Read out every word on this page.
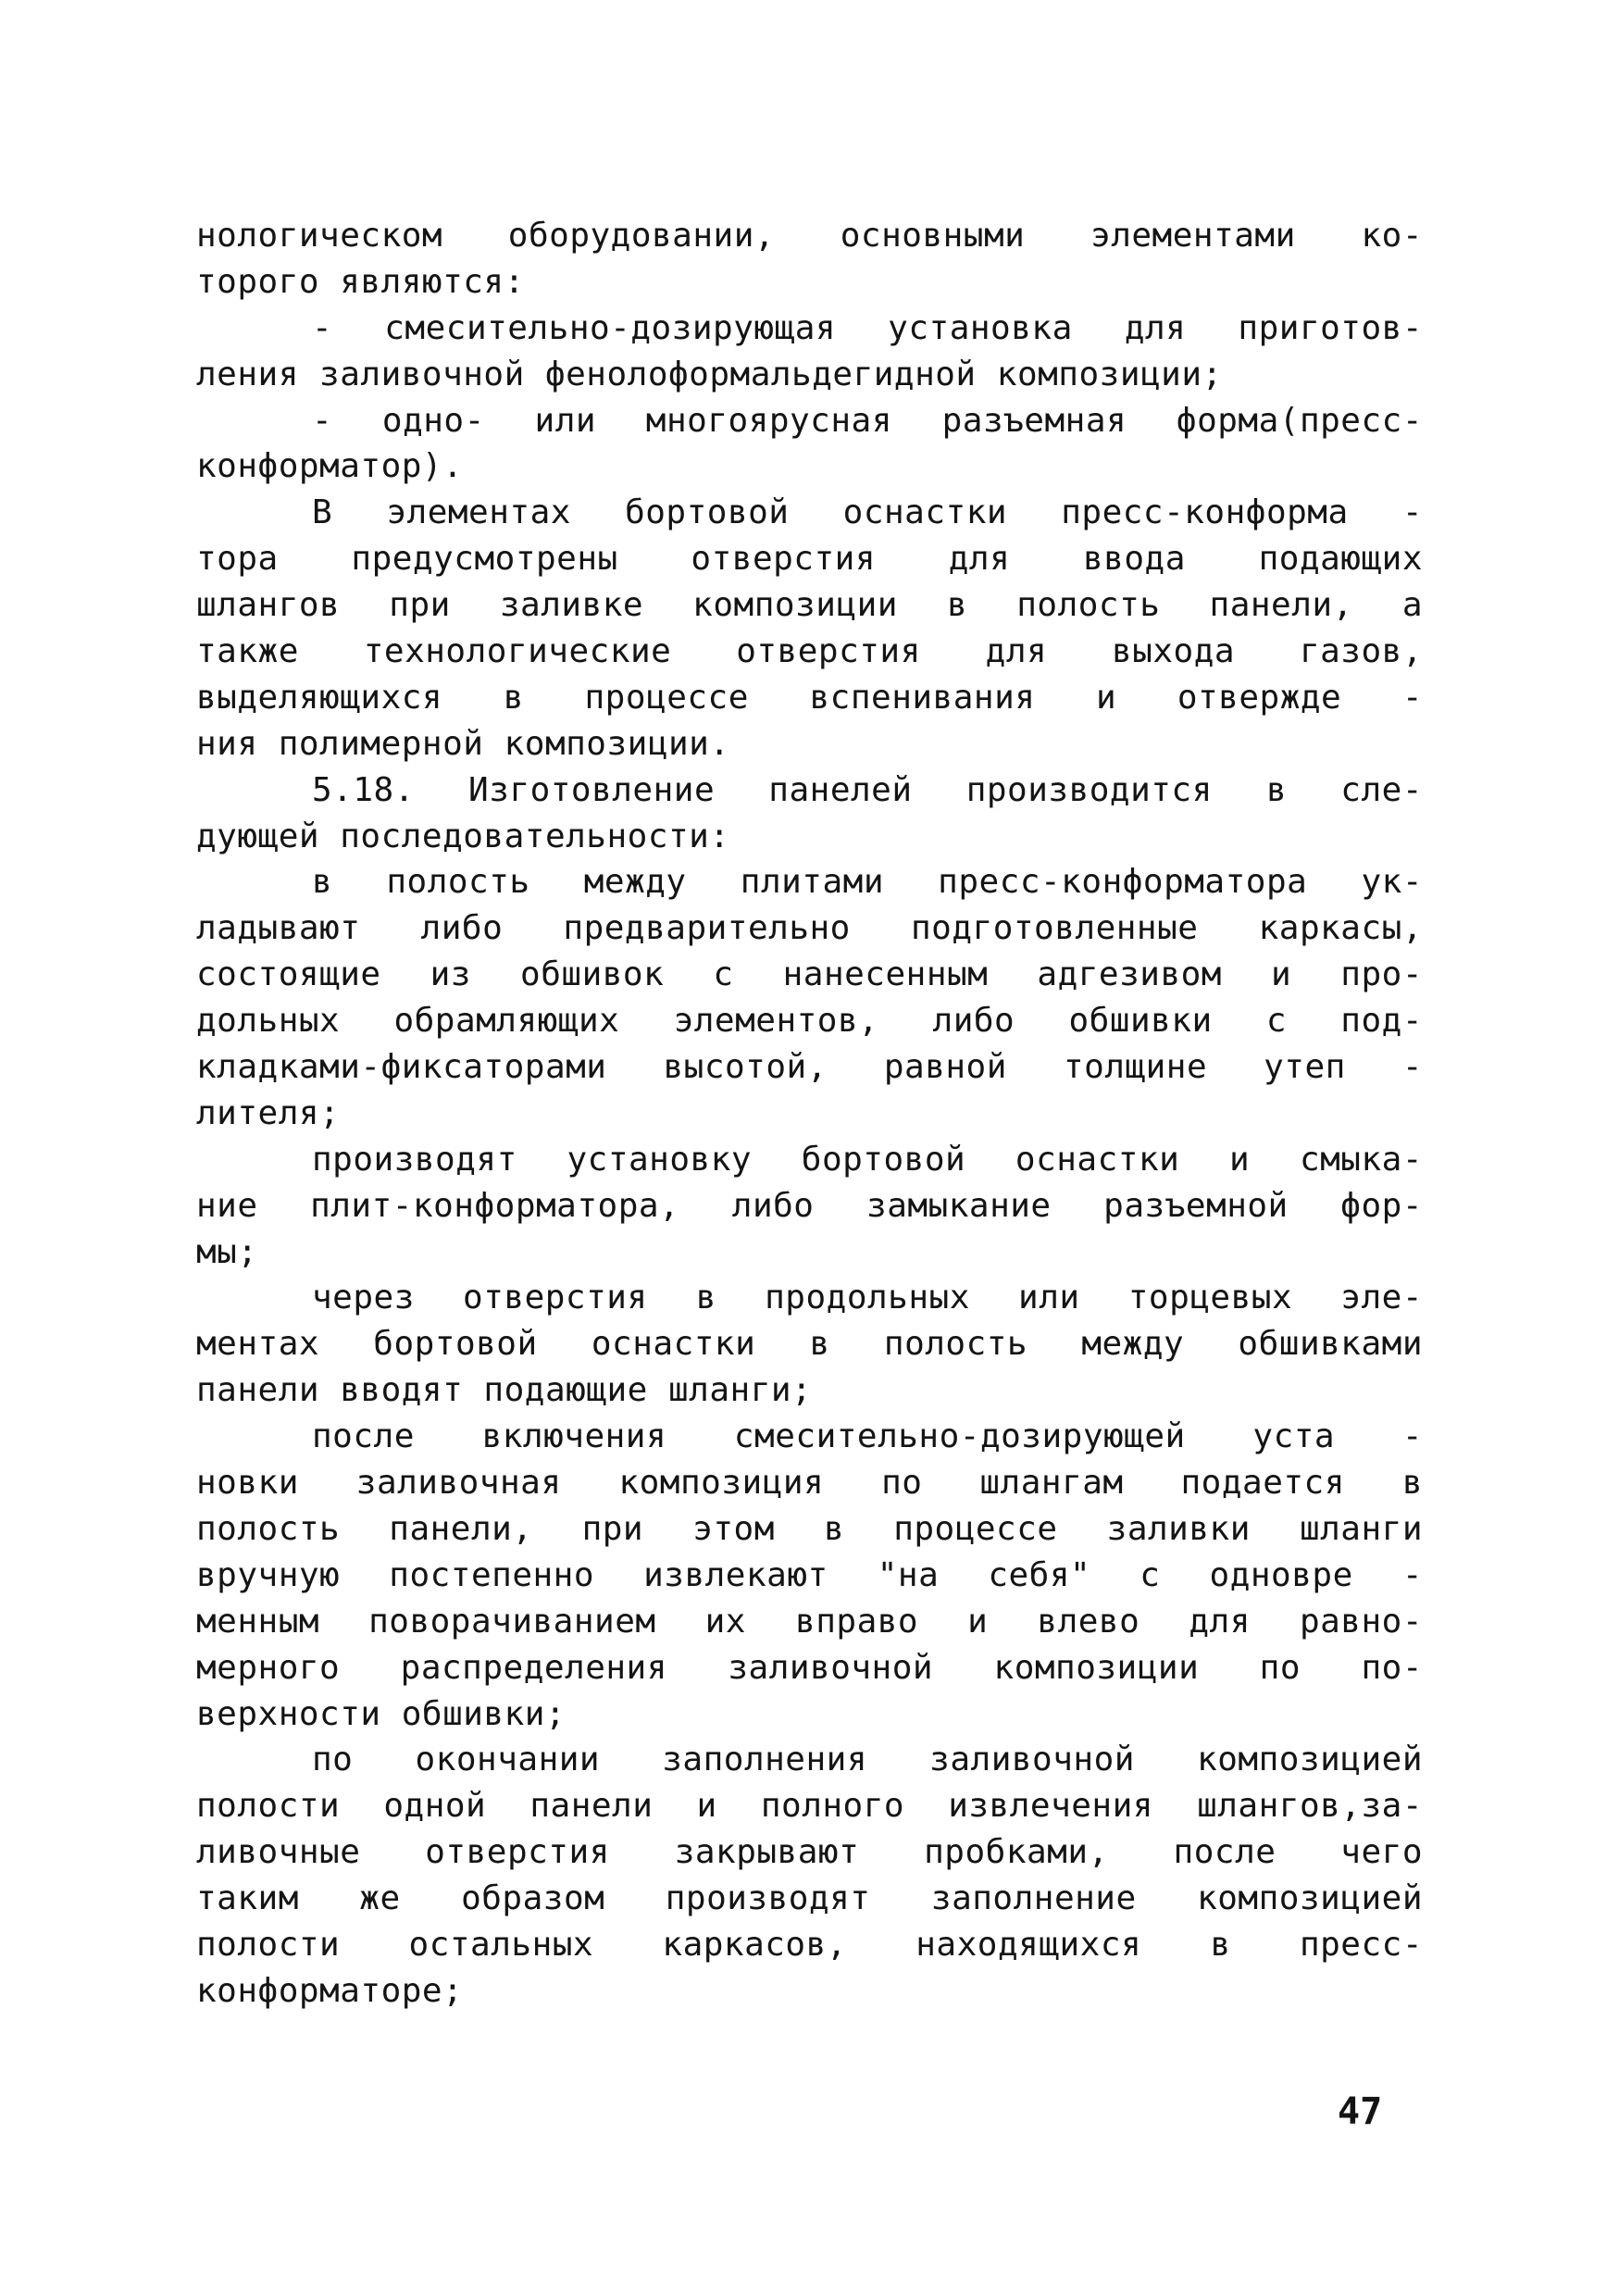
нологическом оборудовании, основными элементами ко-
торого являются:
- смесительно-дозирующая установка для приготов-
ления заливочной фенолоформальдегидной композиции;
- одно- или многоярусная разъемная форма(пресс-
конформатор).
В элементах бортовой оснастки пресс-конформа -
тора предусмотрены отверстия для ввода подающих
шлангов при заливке композиции в полость панели, а
также технологические отверстия для выхода газов,
выделяющихся в процессе вспенивания и отвержде -
ния полимерной композиции.
5.18. Изготовление панелей производится в сле-
дующей последовательности:
в полость между плитами пресс-конформатора ук-
ладывают либо предварительно подготовленные каркасы,
состоящие из обшивок с нанесенным адгезивом и про-
дольных обрамляющих элементов, либо обшивки с под-
кладками-фиксаторами высотой, равной толщине утеп -
лителя;
производят установку бортовой оснастки и смыка-
ние плит-конформатора, либо замыкание разъемной фор-
мы;
через отверстия в продольных или торцевых эле-
ментах бортовой оснастки в полость между обшивками
панели вводят подающие шланги;
после включения смесительно-дозирующей уста -
новки заливочная композиция по шлангам подается в
полость панели, при этом в процессе заливки шланги
вручную постепенно извлекают "на себя" с одновре -
менным поворачиванием их вправо и влево для равно-
мерного распределения заливочной композиции по по-
верхности обшивки;
по окончании заполнения заливочной композицией
полости одной панели и полного извлечения шлангов,за-
ливочные отверстия закрывают пробками, после чего
таким же образом производят заполнение композицией
полости остальных каркасов, находящихся в пресс-
конформаторе;
47
